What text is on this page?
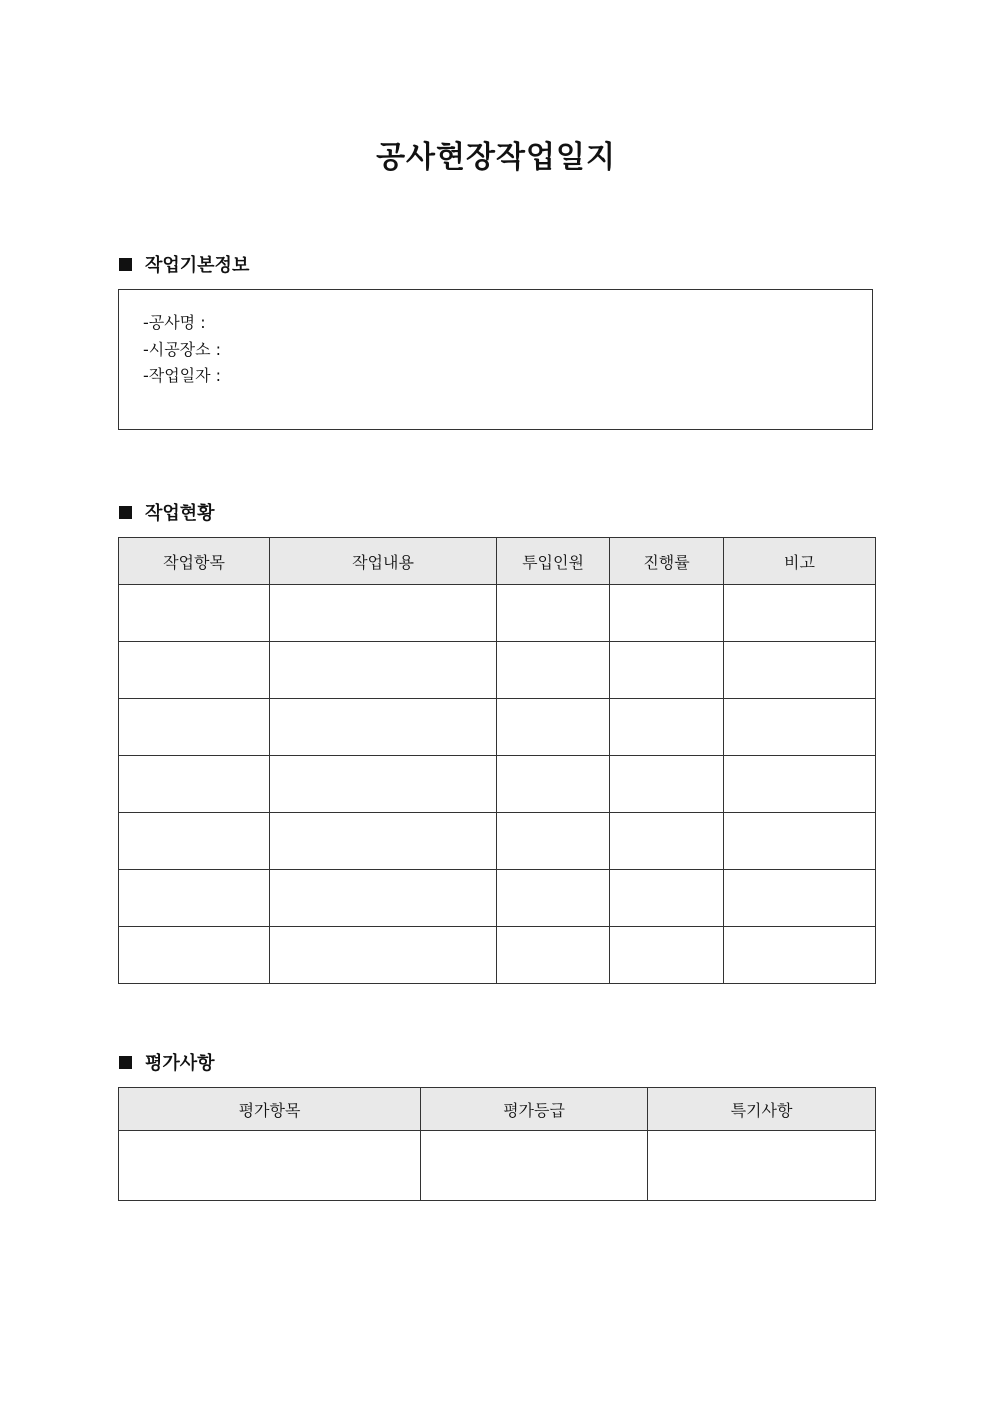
공사현장작업일지
작업기본정보
-공사명 :
-시공장소 :
-작업일자 :
작업현황
작업항목	작업내용	투입인원	진행률	비고

평가사항
평가항목	평가등급	특기사항
